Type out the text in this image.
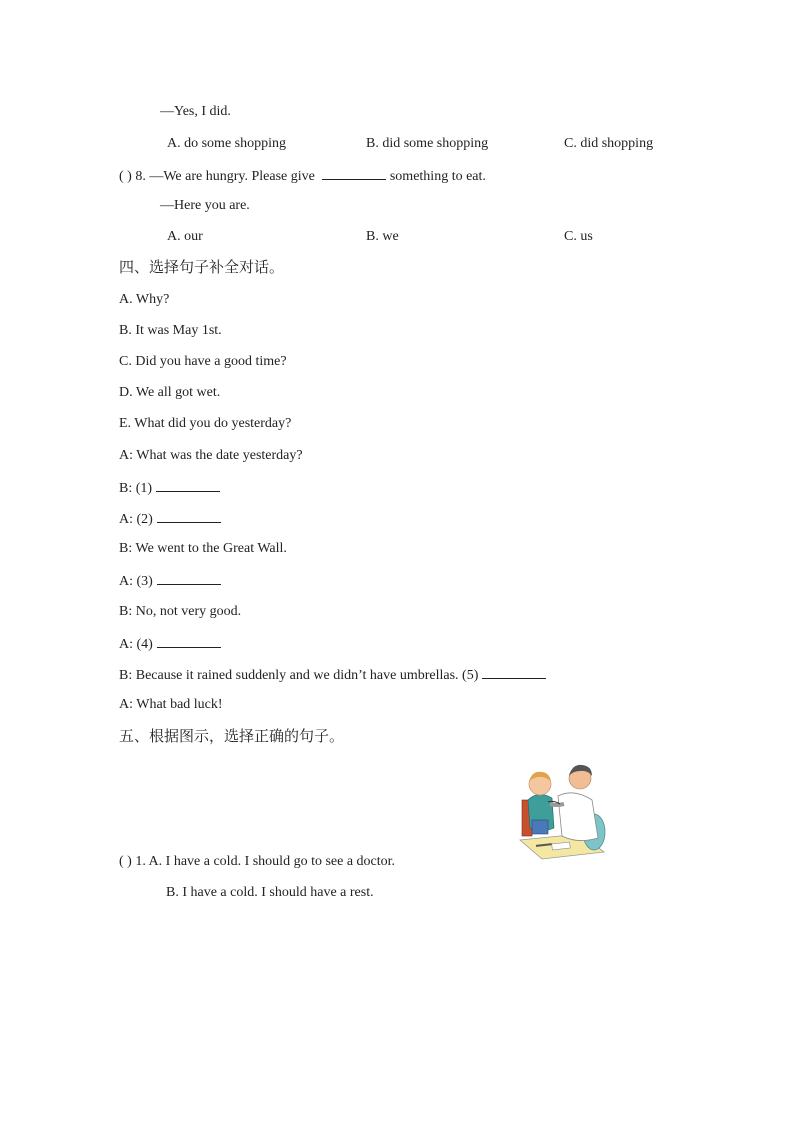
—Yes, I did.
A. do some shopping	B. did some shopping	C. did shopping
( ) 8. —We are hungry. Please give	something to eat.
—Here you are.
A. our	B. we	C. us
四、选择句子补全对话。
A. Why?
B. It was May 1st.
C. Did you have a good time?
D. We all got wet.
E. What did you do yesterday?
A: What was the date yesterday?
B: (1)
A: (2)
B: We went to the Great Wall.
A: (3)
B: No, not very good.
A: (4)
B: Because it rained suddenly and we didn’t have umbrellas. (5)
A: What bad luck!
五、根据图示，选择正确的句子。
( ) 1. A. I have a cold. I should go to see a doctor.
B. I have a cold. I should have a rest.
